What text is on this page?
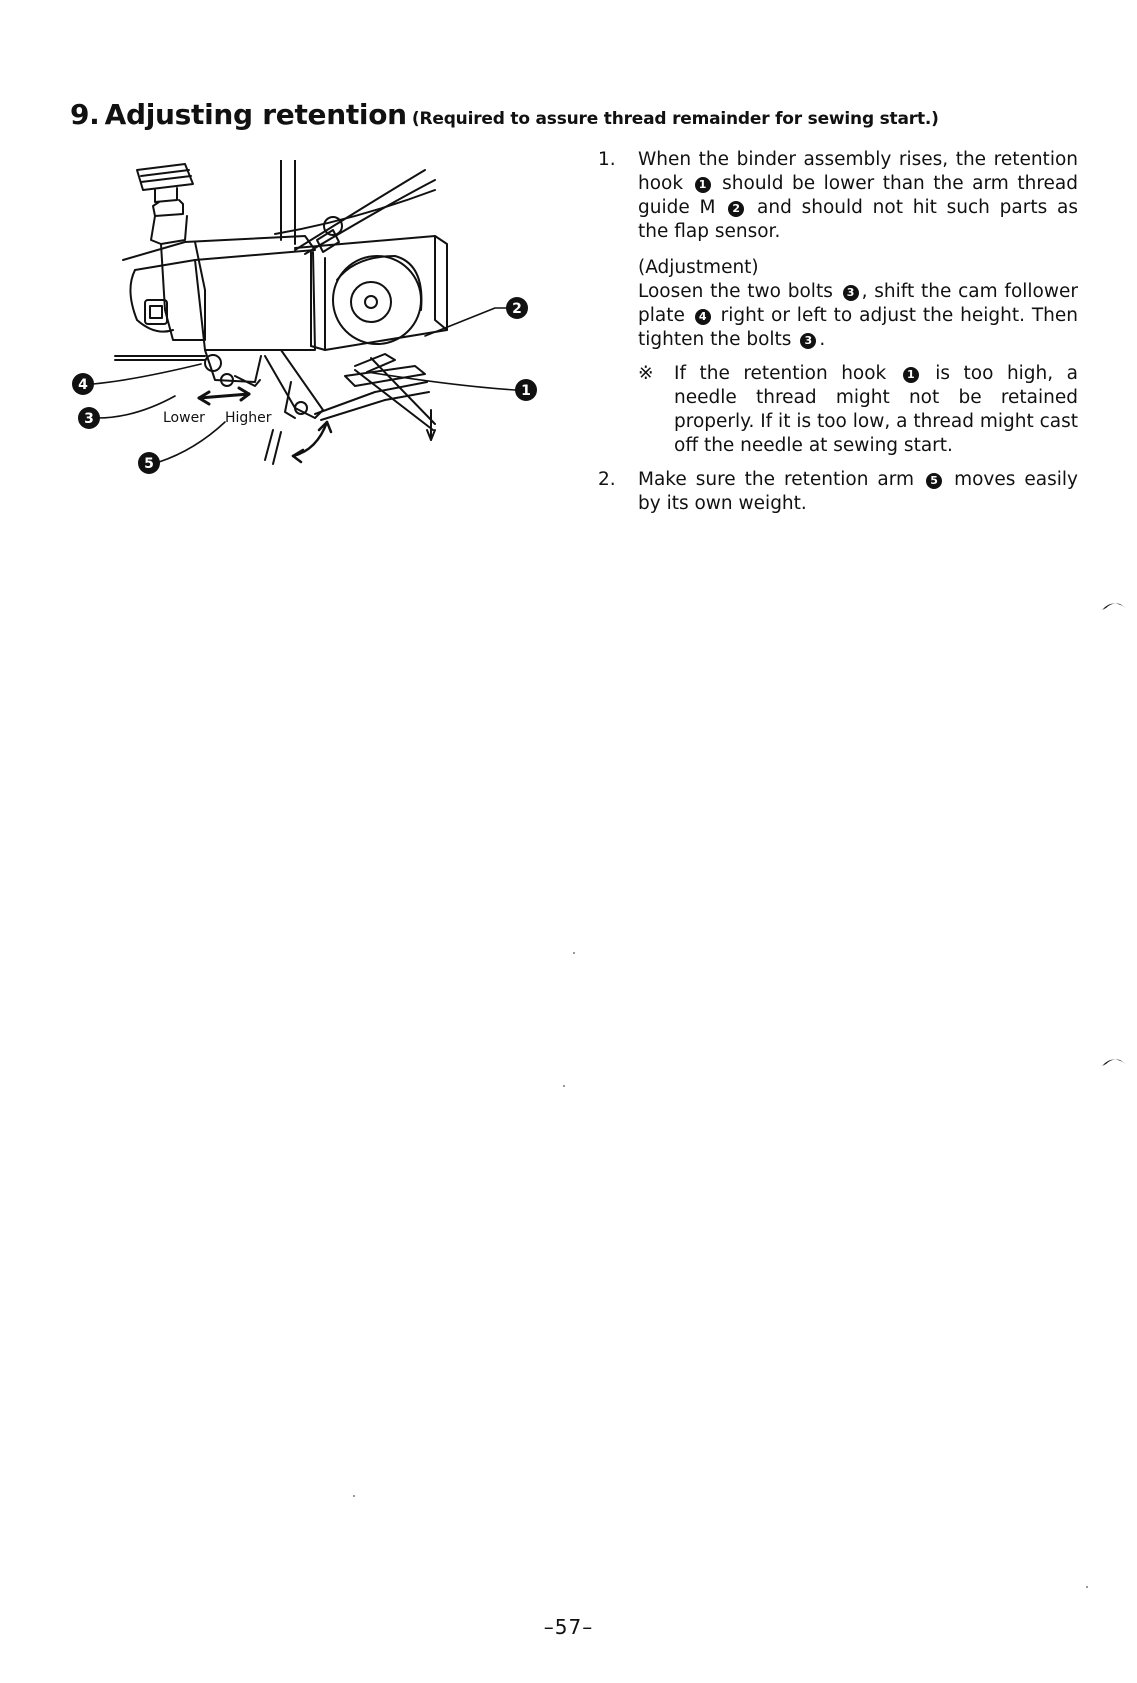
9. Adjusting retention (Required to assure thread remainder for sewing start.)
4
3
5
2
1
Lower Higher
1. When the binder assembly rises, the retention hook 1 should be lower than the arm thread guide M 2 and should not hit such parts as the flap sensor.

(Adjustment)

Loosen the two bolts 3 , shift the cam follower plate 4 right or left to adjust the height. Then tighten the bolts 3 .

※ If the retention hook 1 is too high, a needle thread might not be retained properly. If it is too low, a thread might cast off the needle at sewing start.

2. Make sure the retention arm 5 moves easily by its own weight.

–57–
